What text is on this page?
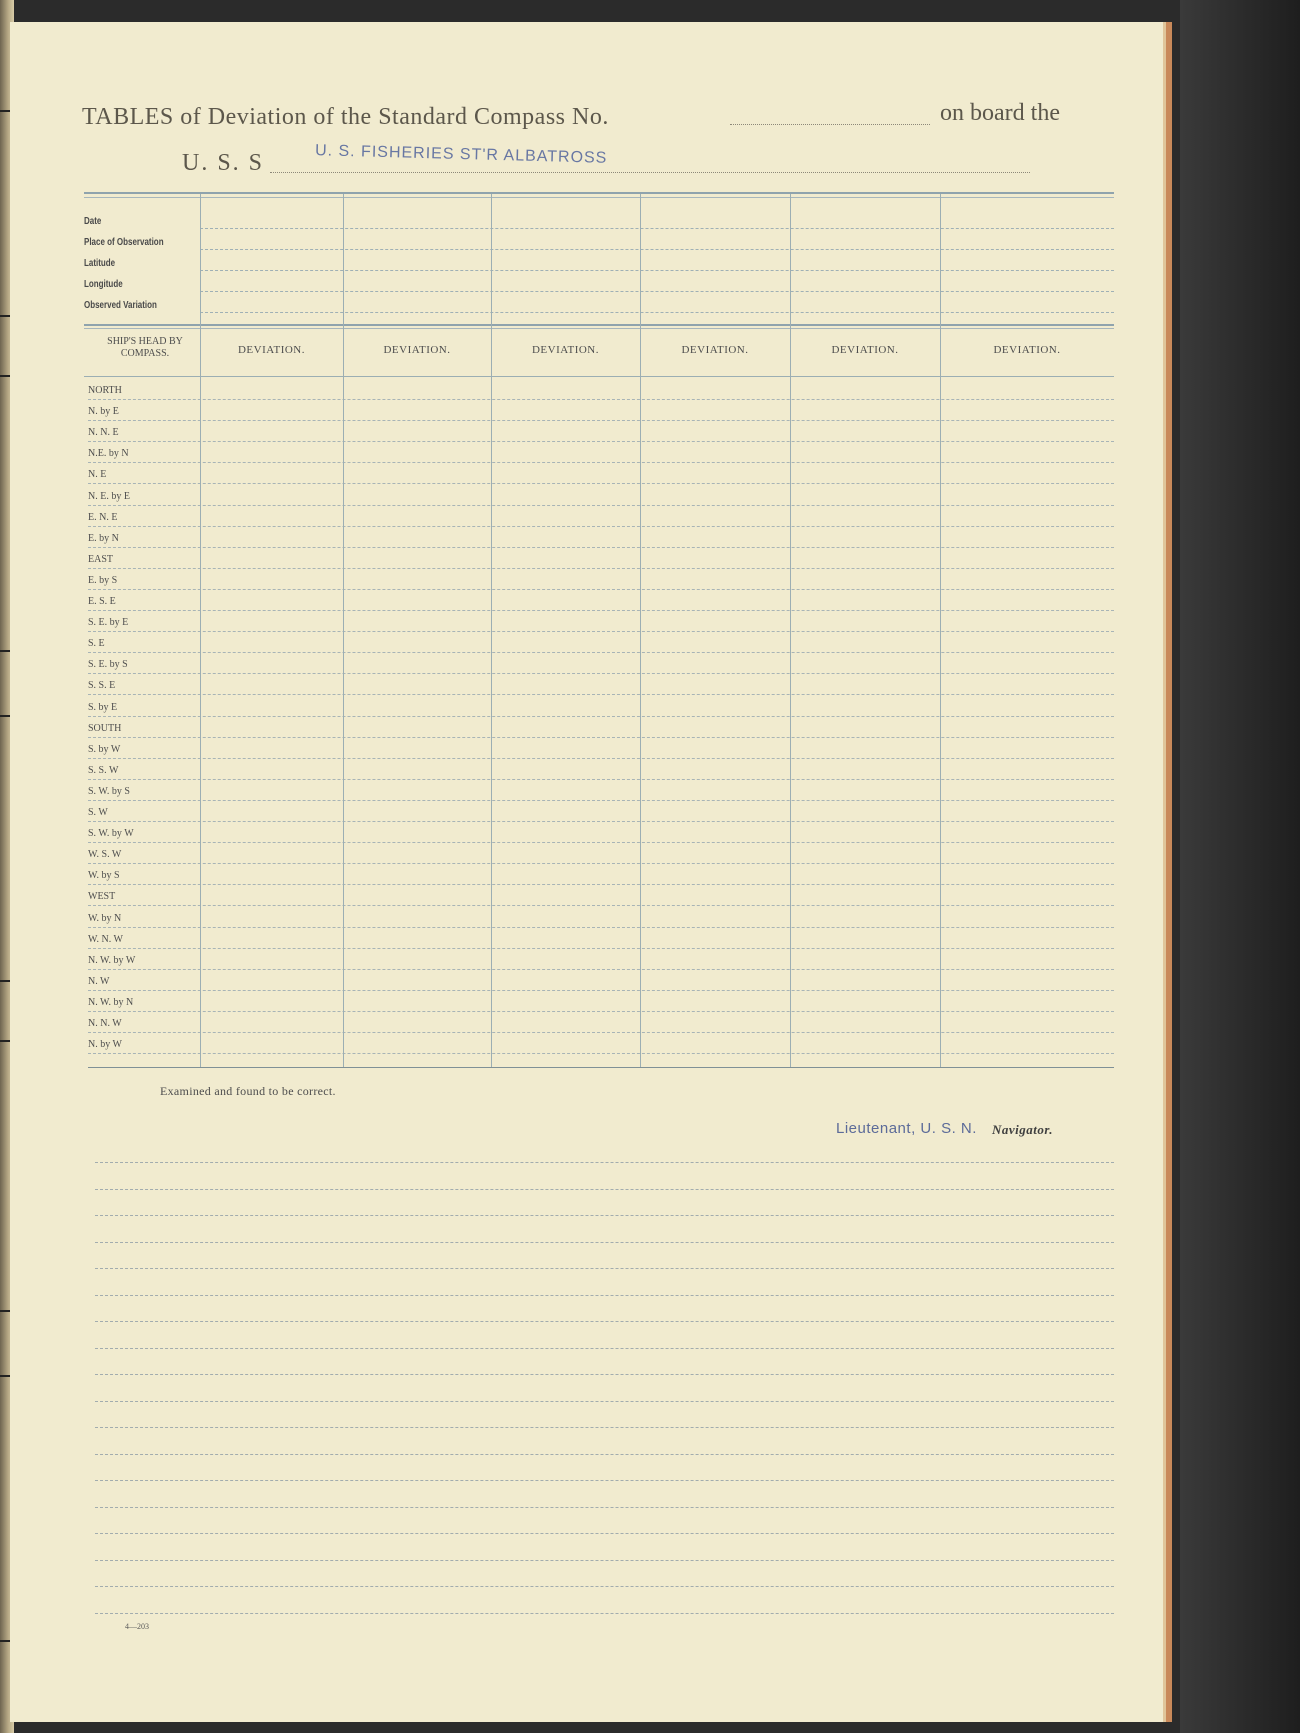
TABLES of Deviation of the Standard Compass No.	on board the
U. S. S	U. S. FISHERIES ST'R ALBATROSS
Date
Place of Observation
Latitude
Longitude
Observed Variation
SHIP'S HEAD BY COMPASS.	DEVIATION.	DEVIATION.	DEVIATION.	DEVIATION.	DEVIATION.	DEVIATION.
NORTH
N. by E
N. N. E
N.E. by N
N. E
N. E. by E
E. N. E
E. by N
EAST
E. by S
E. S. E
S. E. by E
S. E
S. E. by S
S. S. E
S. by E
SOUTH
S. by W
S. S. W
S. W. by S
S. W
S. W. by W
W. S. W
W. by S
WEST
W. by N
W. N. W
N. W. by W
N. W
N. W. by N
N. N. W
N. by W
Examined and found to be correct.
Lieutenant, U. S. N. Navigator.
4—203
